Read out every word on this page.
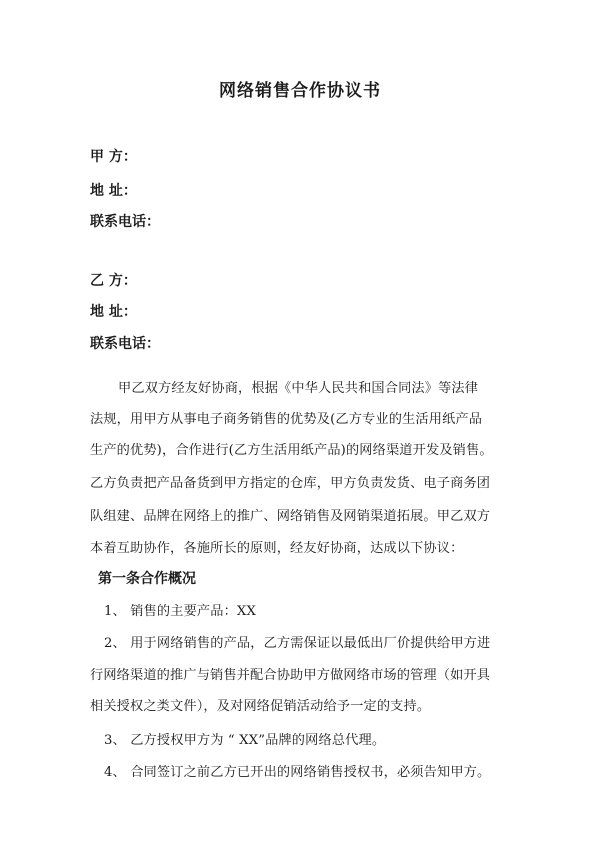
网络销售合作协议书
甲 方：
地 址：
联系电话：
乙 方：
地 址：
联系电话：
甲乙双方经友好协商，根据《中华人民共和国合同法》等法律
法规，用甲方从事电子商务销售的优势及(乙方专业的生活用纸产品
生产的优势)，合作进行(乙方生活用纸产品)的网络渠道开发及销售。
乙方负责把产品备货到甲方指定的仓库，甲方负责发货、电子商务团
队组建、品牌在网络上的推广、网络销售及网销渠道拓展。甲乙双方
本着互助协作，各施所长的原则，经友好协商，达成以下协议：
第一条合作概况
1、 销售的主要产品：XX
2、 用于网络销售的产品，乙方需保证以最低出厂价提供给甲方进
行网络渠道的推广与销售并配合协助甲方做网络市场的管理（如开具
相关授权之类文件），及对网络促销活动给予一定的支持。
3、 乙方授权甲方为 “ XX”品牌的网络总代理。
4、 合同签订之前乙方已开出的网络销售授权书，必须告知甲方。
